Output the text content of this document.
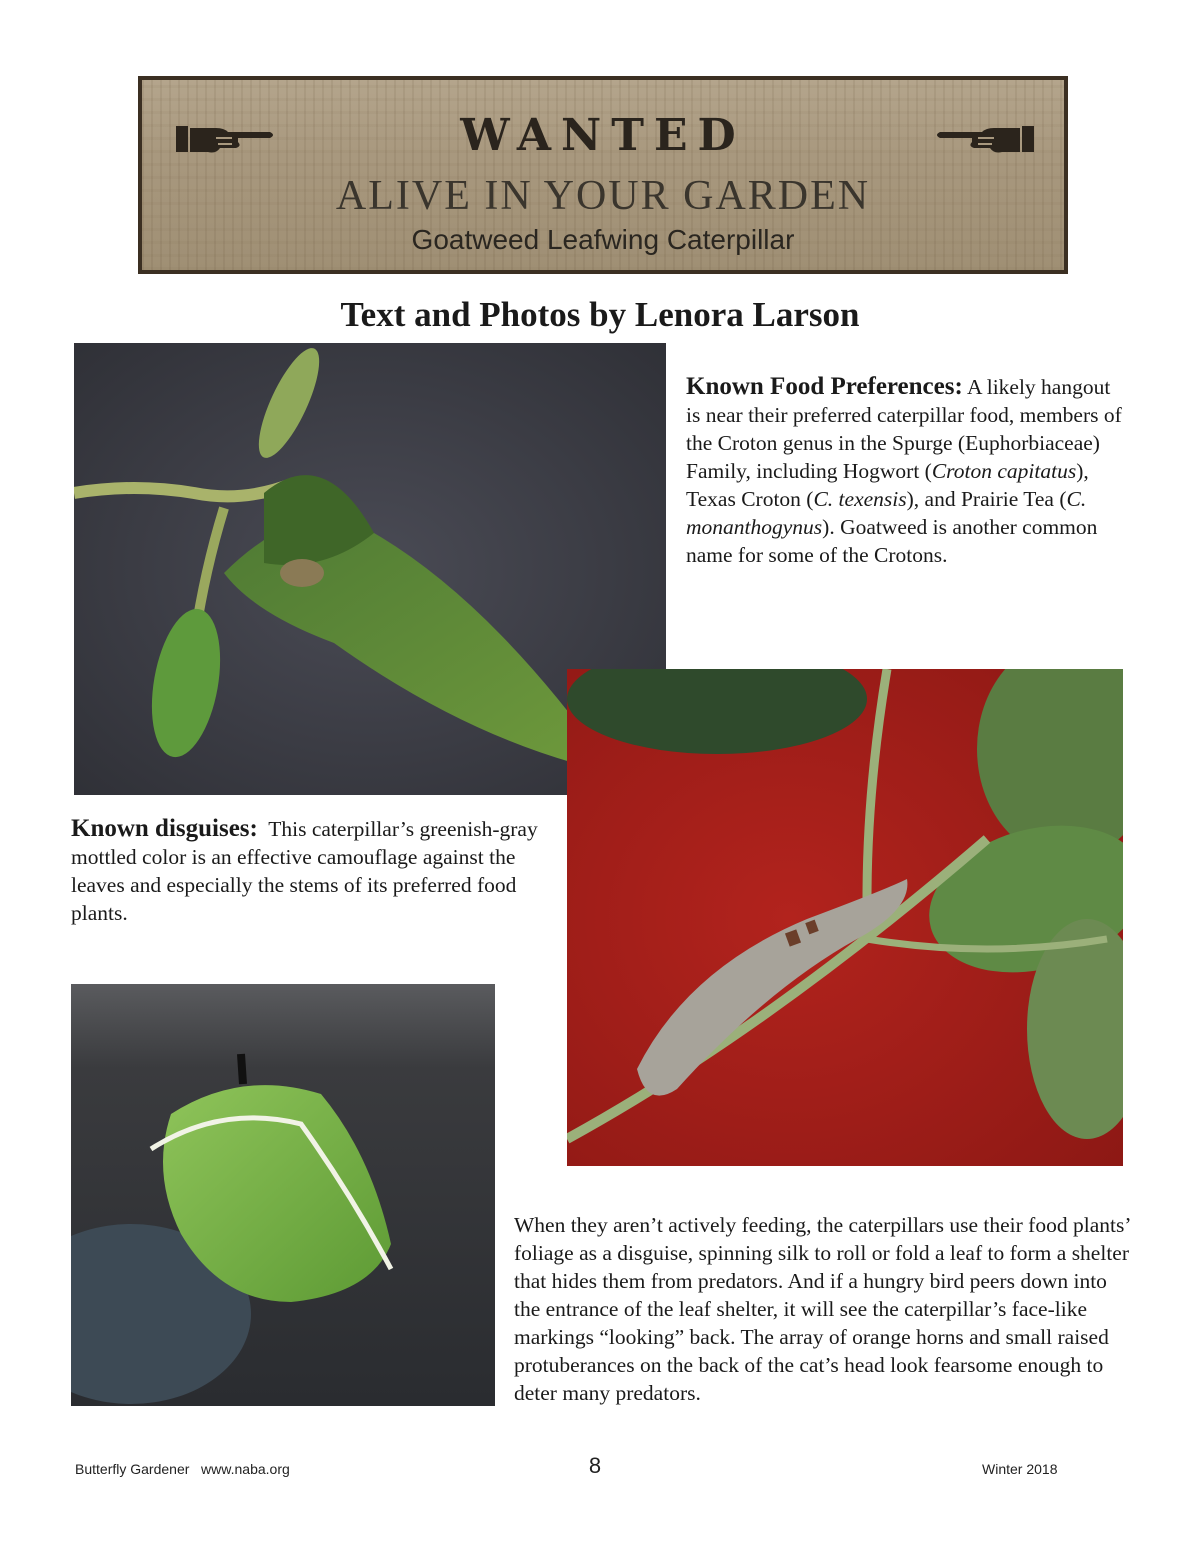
WANTED
ALIVE IN YOUR GARDEN
Goatweed Leafwing Caterpillar
Text and Photos by Lenora Larson
Known Food Preferences: A likely hangout is near their preferred caterpillar food, members of the Croton genus in the Spurge (Euphorbiaceae) Family, including Hogwort (Croton capitatus), Texas Croton (C. texensis), and Prairie Tea (C. monanthogynus). Goatweed is another common name for some of the Crotons.
Known disguises: This caterpillar’s greenish-gray mottled color is an effective camouflage against the leaves and especially the stems of its preferred food plants.
When they aren’t actively feeding, the caterpillars use their food plants’ foliage as a disguise, spinning silk to roll or fold a leaf to form a shelter that hides them from predators. And if a hungry bird peers down into the entrance of the leaf shelter, it will see the caterpillar’s face-like markings “looking” back. The array of orange horns and small raised protuberances on the back of the cat’s head look fearsome enough to deter many predators.
Butterfly Gardener   www.naba.org	8	Winter 2018
